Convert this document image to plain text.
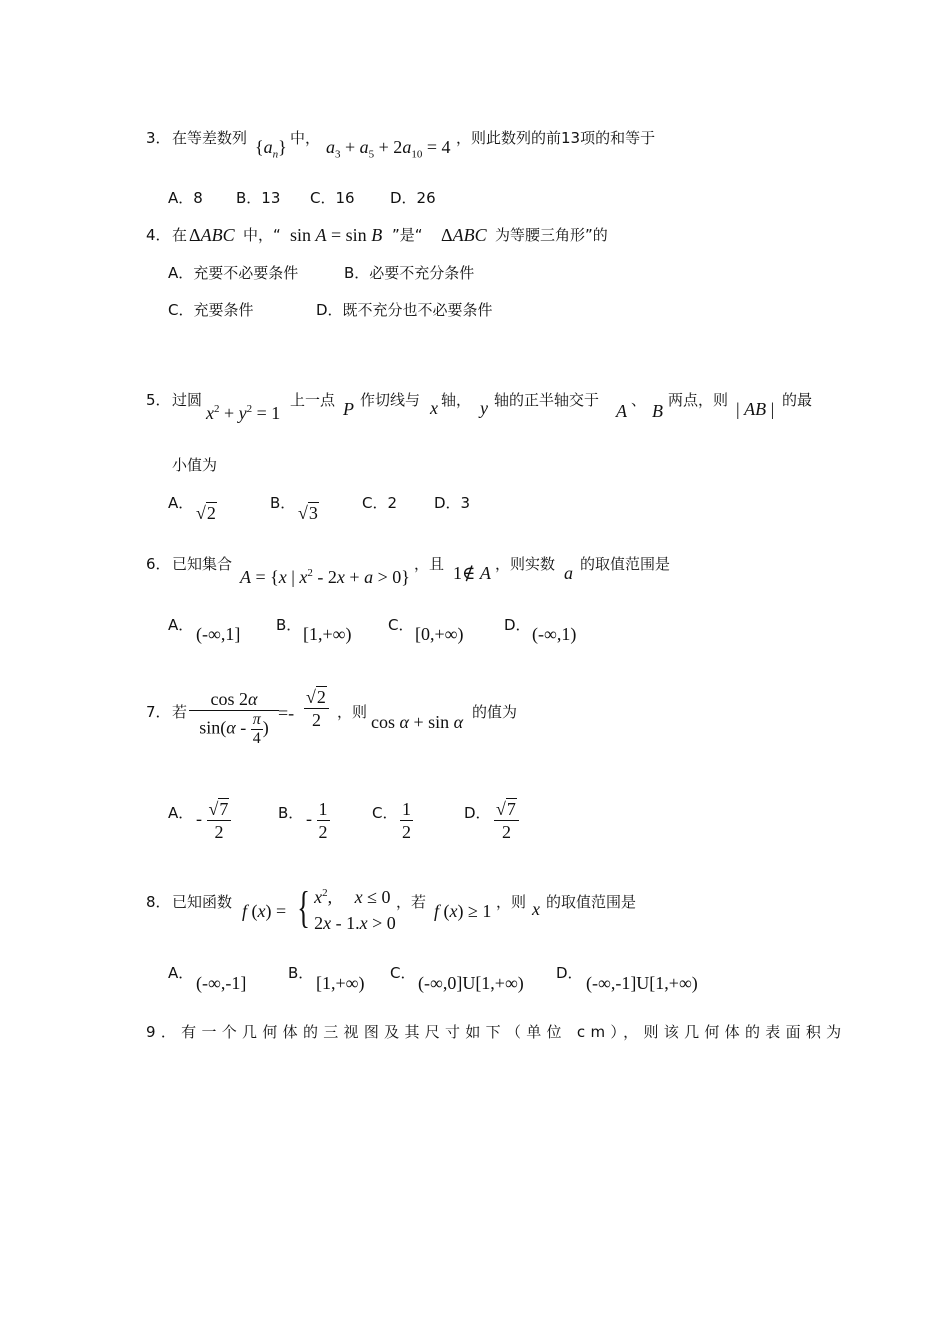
3． 在等差数列 $\{a_n\}$ 中， $a_3 + a_5 + 2a_{10} = 4$ ，则此数列的前13项的和等于
A．8 B．13 C．16 D．26
4． 在 ΔABC 中，“ sin A = sin B ”是“ ΔABC 为等腰三角形”的
A．充要不必要条件	B．必要不充分条件
C．充要条件	D．既不充分也不必要条件
5． 过圆
$x^2 + y^2 = 1$
上一点 P 作切线与 x 轴， y 轴的正半轴交于
A
、
B
两点，则 | AB | 的最
小值为
A． √2	B． √3	C．2 D．3
6． 已知集合
A = {x | $x^2 - 2x + a > 0$}
，且 1∉ A ，则实数 a 的取值范围是
A． (-∞,1] B． [1,+∞) C． [0,+∞)	D． (-∞,1)
7． 若 $\frac{\cos 2\alpha}{\sin(\alpha - \frac{\pi}{4} )} =- \frac{√2}{2}$ ，则 cos α + sin α 的值为
A． - $\frac{√7}{2}$	B． - $\frac{1}{2}$	C． $\frac{1}{2}$	D． $\frac{√7}{2}$
8． 已知函数 f (x) = { $x^2$,     x ≤ 0
2x - 1.x > 0
，若 f (x) ≥ 1 ，则 x 的取值范围是
A． (-∞,-1]	B． [1,+∞) C． (-∞,0]U[1,+∞) D． (-∞,-1]U[1,+∞)
9．有一个几何体的三视图及其尺寸如下（单位 cm），则该几何体的表面积为
